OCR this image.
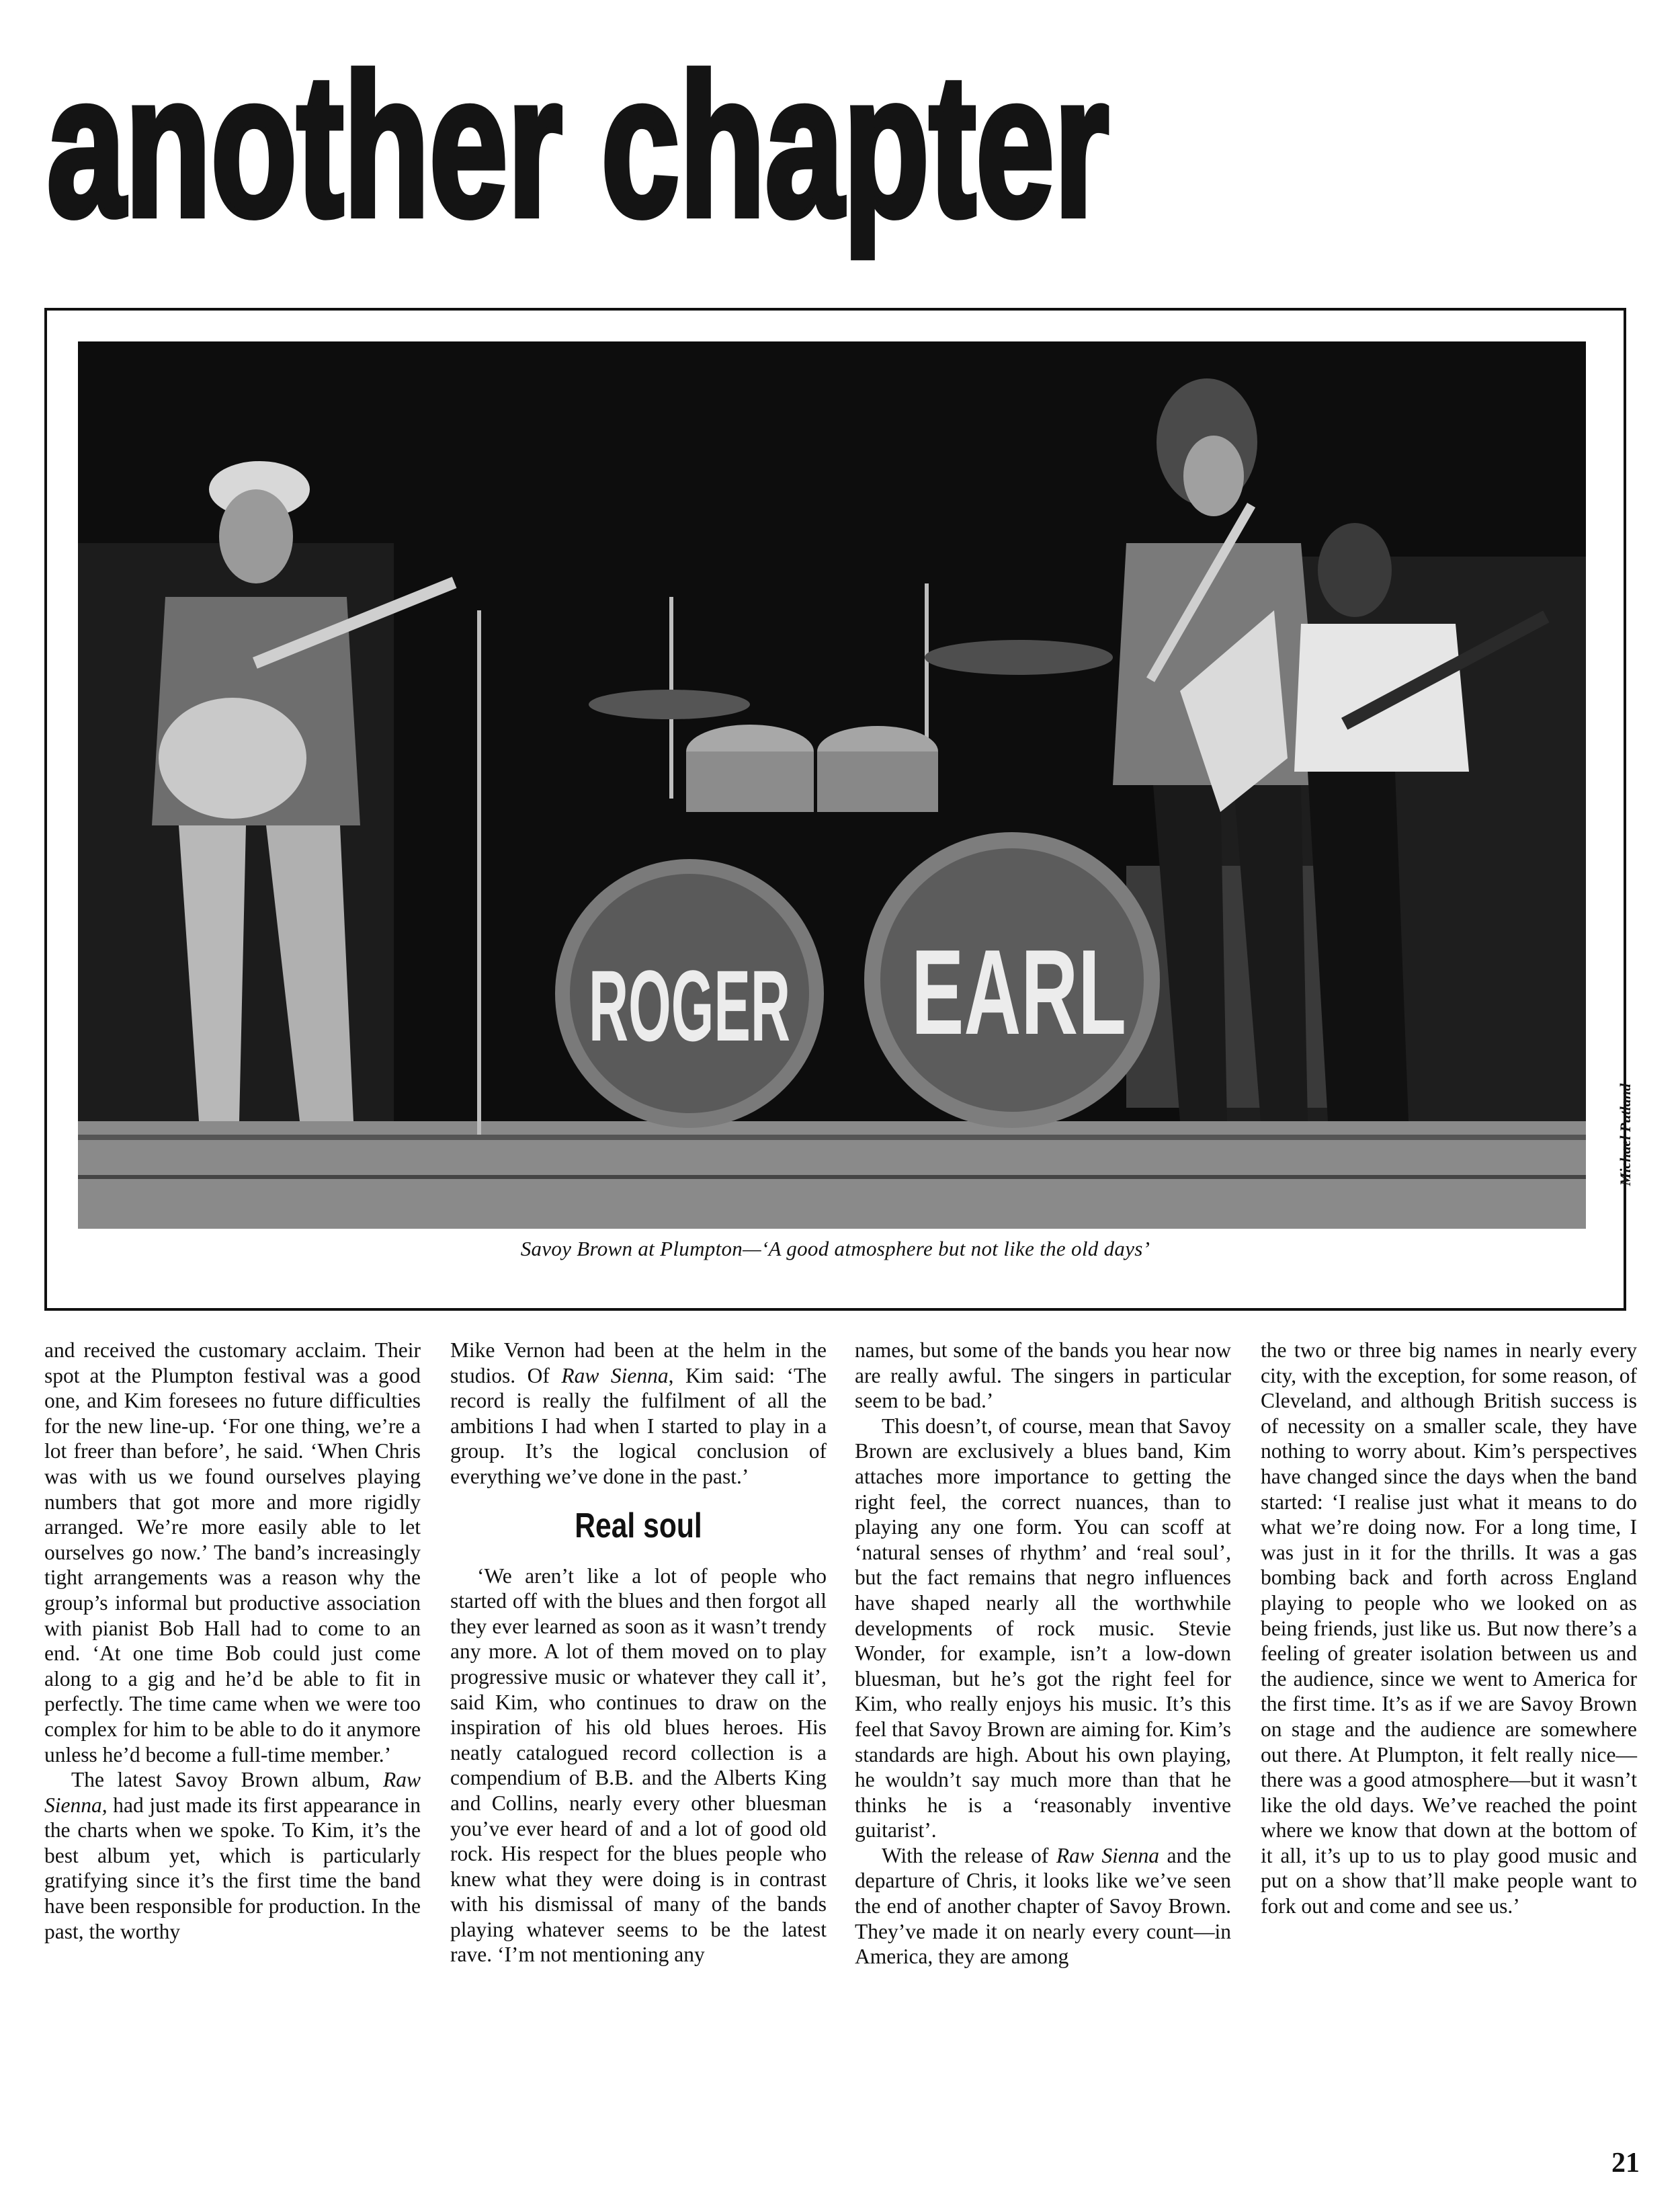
another chapter
ROGER EARL
Michael Putland
Savoy Brown at Plumpton—‘A good atmosphere but not like the old days’

and received the customary acclaim. Their spot at the Plumpton festival was a good one, and Kim foresees no future difficulties for the new line-up. ‘For one thing, we’re a lot freer than before’, he said. ‘When Chris was with us we found ourselves playing numbers that got more and more rigidly arranged. We’re more easily able to let ourselves go now.’ The band’s increasingly tight arrangements was a reason why the group’s informal but productive association with pianist Bob Hall had to come to an end. ‘At one time Bob could just come along to a gig and he’d be able to fit in perfectly. The time came when we were too complex for him to be able to do it anymore unless he’d become a full-time member.’

The latest Savoy Brown album, Raw Sienna, had just made its first appearance in the charts when we spoke. To Kim, it’s the best album yet, which is particularly gratifying since it’s the first time the band have been responsible for production. In the past, the worthy

Mike Vernon had been at the helm in the studios. Of Raw Sienna, Kim said: ‘The record is really the fulfilment of all the ambitions I had when I started to play in a group. It’s the logical conclusion of everything we’ve done in the past.’

Real soul

‘We aren’t like a lot of people who started off with the blues and then forgot all they ever learned as soon as it wasn’t trendy any more. A lot of them moved on to play progressive music or whatever they call it’, said Kim, who continues to draw on the inspiration of his old blues heroes. His neatly catalogued record collection is a compendium of B.B. and the Alberts King and Collins, nearly every other bluesman you’ve ever heard of and a lot of good old rock. His respect for the blues people who knew what they were doing is in contrast with his dismissal of many of the bands playing whatever seems to be the latest rave. ‘I’m not mentioning any

names, but some of the bands you hear now are really awful. The singers in particular seem to be bad.’

This doesn’t, of course, mean that Savoy Brown are exclusively a blues band, Kim attaches more importance to getting the right feel, the correct nuances, than to playing any one form. You can scoff at ‘natural senses of rhythm’ and ‘real soul’, but the fact remains that negro influences have shaped nearly all the worthwhile developments of rock music. Stevie Wonder, for example, isn’t a low-down bluesman, but he’s got the right feel for Kim, who really enjoys his music. It’s this feel that Savoy Brown are aiming for. Kim’s standards are high. About his own playing, he wouldn’t say much more than that he thinks he is a ‘reasonably inventive guitarist’.

With the release of Raw Sienna and the departure of Chris, it looks like we’ve seen the end of another chapter of Savoy Brown. They’ve made it on nearly every count—in America, they are among

the two or three big names in nearly every city, with the exception, for some reason, of Cleveland, and although British success is of necessity on a smaller scale, they have nothing to worry about. Kim’s perspectives have changed since the days when the band started: ‘I realise just what it means to do what we’re doing now. For a long time, I was just in it for the thrills. It was a gas bombing back and forth across England playing to people who we looked on as being friends, just like us. But now there’s a feeling of greater isolation between us and the audience, since we went to America for the first time. It’s as if we are Savoy Brown on stage and the audience are somewhere out there. At Plumpton, it felt really nice—there was a good atmosphere—but it wasn’t like the old days. We’ve reached the point where we know that down at the bottom of it all, it’s up to us to play good music and put on a show that’ll make people want to fork out and come and see us.’

21
